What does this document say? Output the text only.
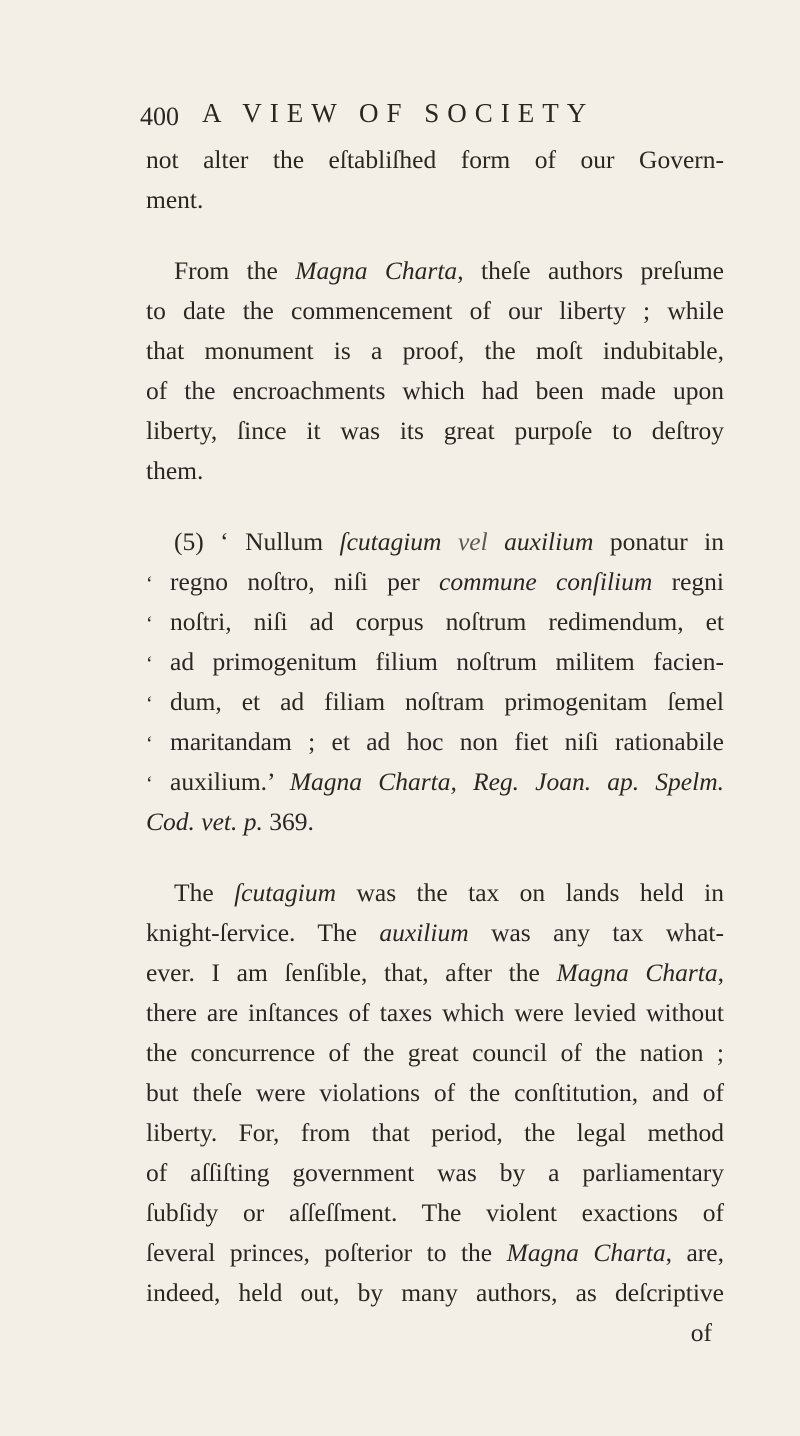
400 A VIEW OF SOCIETY
not alter the eſtabliſhed form of our Govern-
ment.
From the Magna Charta, theſe authors preſume
to date the commencement of our liberty ; while
that monument is a proof, the moſt indubitable,
of the encroachments which had been made upon
liberty, ſince it was its great purpoſe to deſtroy
them.
(5) ‘ Nullum ſcutagium vel auxilium ponatur in
‘ regno noſtro, niſi per commune conſilium regni
‘ noſtri, niſi ad corpus noſtrum redimendum, et
‘ ad primogenitum filium noſtrum militem facien-
‘ dum, et ad filiam noſtram primogenitam ſemel
‘ maritandam ; et ad hoc non fiet niſi rationabile
‘ auxilium.’ Magna Charta, Reg. Joan. ap. Spelm.
Cod. vet. p. 369.
The ſcutagium was the tax on lands held in
knight-ſervice. The auxilium was any tax what-
ever. I am ſenſible, that, after the Magna Charta,
there are inſtances of taxes which were levied without
the concurrence of the great council of the nation ;
but theſe were violations of the conſtitution, and of
liberty. For, from that period, the legal method
of aſſiſting government was by a parliamentary
ſubſidy or aſſeſſment. The violent exactions of
ſeveral princes, poſterior to the Magna Charta, are,
indeed, held out, by many authors, as deſcriptive
of
